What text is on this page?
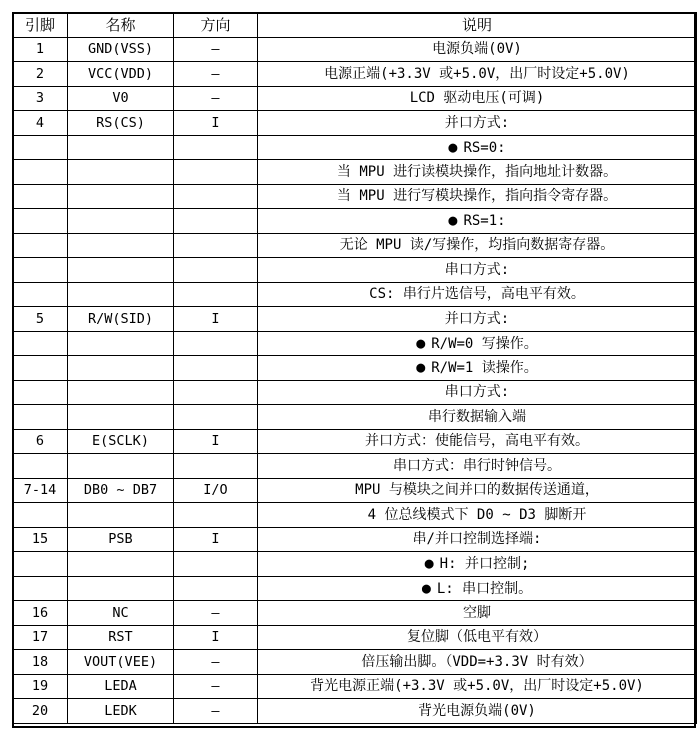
引脚	名称	方向	说明
1	GND(VSS)	—	电源负端(0V)
2	VCC(VDD)	—	电源正端(+3.3V 或+5.0V，出厂时设定+5.0V)
3	V0	—	LCD 驱动电压(可调)
4	RS(CS)	I	并口方式:
			● RS=0:
			当 MPU 进行读模块操作，指向地址计数器。
			当 MPU 进行写模块操作，指向指令寄存器。
			● RS=1:
			无论 MPU 读/写操作，均指向数据寄存器。
			串口方式:
			CS: 串行片选信号，高电平有效。
5	R/W(SID)	I	并口方式:
			● R/W=0 写操作。
			● R/W=1 读操作。
			串口方式:
			串行数据输入端
6	E(SCLK)	I	并口方式：使能信号，高电平有效。
			串口方式：串行时钟信号。
7-14	DB0 ~ DB7	I/O	MPU 与模块之间并口的数据传送通道，
			4 位总线模式下 D0 ~ D3 脚断开
15	PSB	I	串/并口控制选择端:
			● H: 并口控制;
			● L: 串口控制。
16	NC	—	空脚
17	RST	I	复位脚（低电平有效）
18	VOUT(VEE)	—	倍压输出脚。（VDD=+3.3V 时有效）
19	LEDA	—	背光电源正端(+3.3V 或+5.0V，出厂时设定+5.0V)
20	LEDK	—	背光电源负端(0V)
